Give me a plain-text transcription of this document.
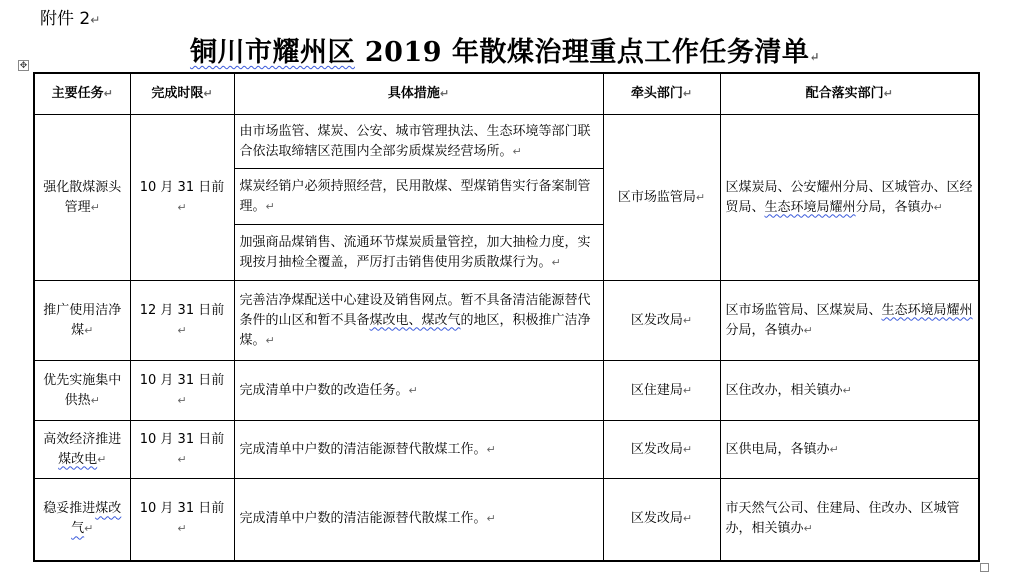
附件 2↵
铜川市耀州区 2019 年散煤治理重点工作任务清单↵
✥
主要任务↵	完成时限↵	具体措施↵	牵头部门↵	配合落实部门↵
强化散煤源头管理↵	10 月 31 日前↵	由市场监管、煤炭、公安、城市管理执法、生态环境等部门联合依法取缔辖区范围内全部劣质煤炭经营场所。↵	区市场监管局↵	区煤炭局、公安耀州分局、区城管办、区经贸局、生态环境局耀州分局，各镇办↵
		煤炭经销户必须持照经营，民用散煤、型煤销售实行备案制管理。↵		
		加强商品煤销售、流通环节煤炭质量管控，加大抽检力度，实现按月抽检全覆盖，严厉打击销售使用劣质散煤行为。↵		
推广使用洁净煤↵	12 月 31 日前↵	完善洁净煤配送中心建设及销售网点。暂不具备清洁能源替代条件的山区和暂不具备煤改电、煤改气的地区，积极推广洁净煤。↵	区发改局↵	区市场监管局、区煤炭局、生态环境局耀州分局，各镇办↵
优先实施集中供热↵	10 月 31 日前↵	完成清单中户数的改造任务。↵	区住建局↵	区住改办，相关镇办↵
高效经济推进煤改电↵	10 月 31 日前↵	完成清单中户数的清洁能源替代散煤工作。↵	区发改局↵	区供电局，各镇办↵
稳妥推进煤改气↵	10 月 31 日前↵	完成清单中户数的清洁能源替代散煤工作。↵	区发改局↵	市天然气公司、住建局、住改办、区城管办，相关镇办↵
